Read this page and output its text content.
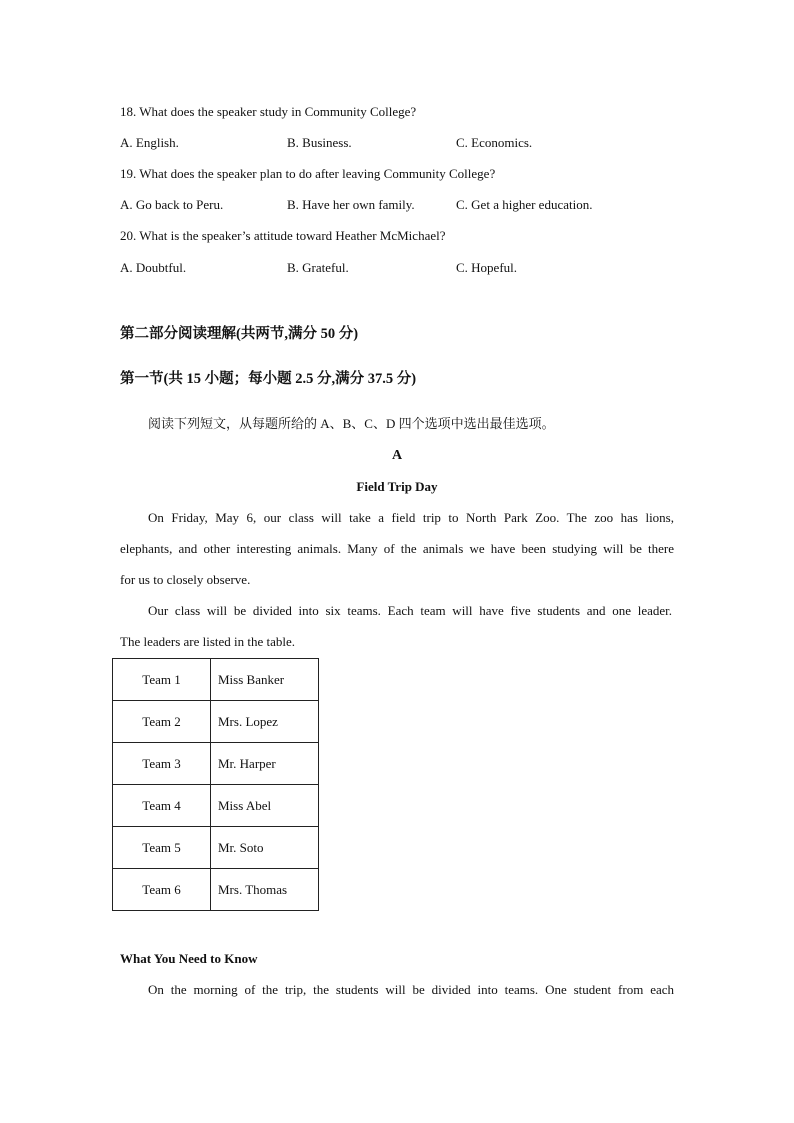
18. What does the speaker study in Community College?
A. English.	B. Business.	C. Economics.
19. What does the speaker plan to do after leaving Community College?
A. Go back to Peru.	B. Have her own family.	C. Get a higher education.
20. What is the speaker’s attitude toward Heather McMichael?
A. Doubtful.	B. Grateful.	C. Hopeful.
第二部分阅读理解(共两节,满分 50 分)
第一节(共 15 小题；每小题 2.5 分,满分 37.5 分)
阅读下列短文，从每题所给的 A、B、C、D 四个选项中选出最佳选项。
A
Field Trip Day
On Friday, May 6, our class will take a field trip to North Park Zoo. The zoo has lions,
elephants, and other interesting animals. Many of the animals we have been studying will be there
for us to closely observe.
Our class will be divided into six teams. Each team will have five students and one leader.
The leaders are listed in the table.
Team 1	Miss Banker
Team 2	Mrs. Lopez
Team 3	Mr. Harper
Team 4	Miss Abel
Team 5	Mr. Soto
Team 6	Mrs. Thomas
What You Need to Know
On the morning of the trip, the students will be divided into teams. One student from each
